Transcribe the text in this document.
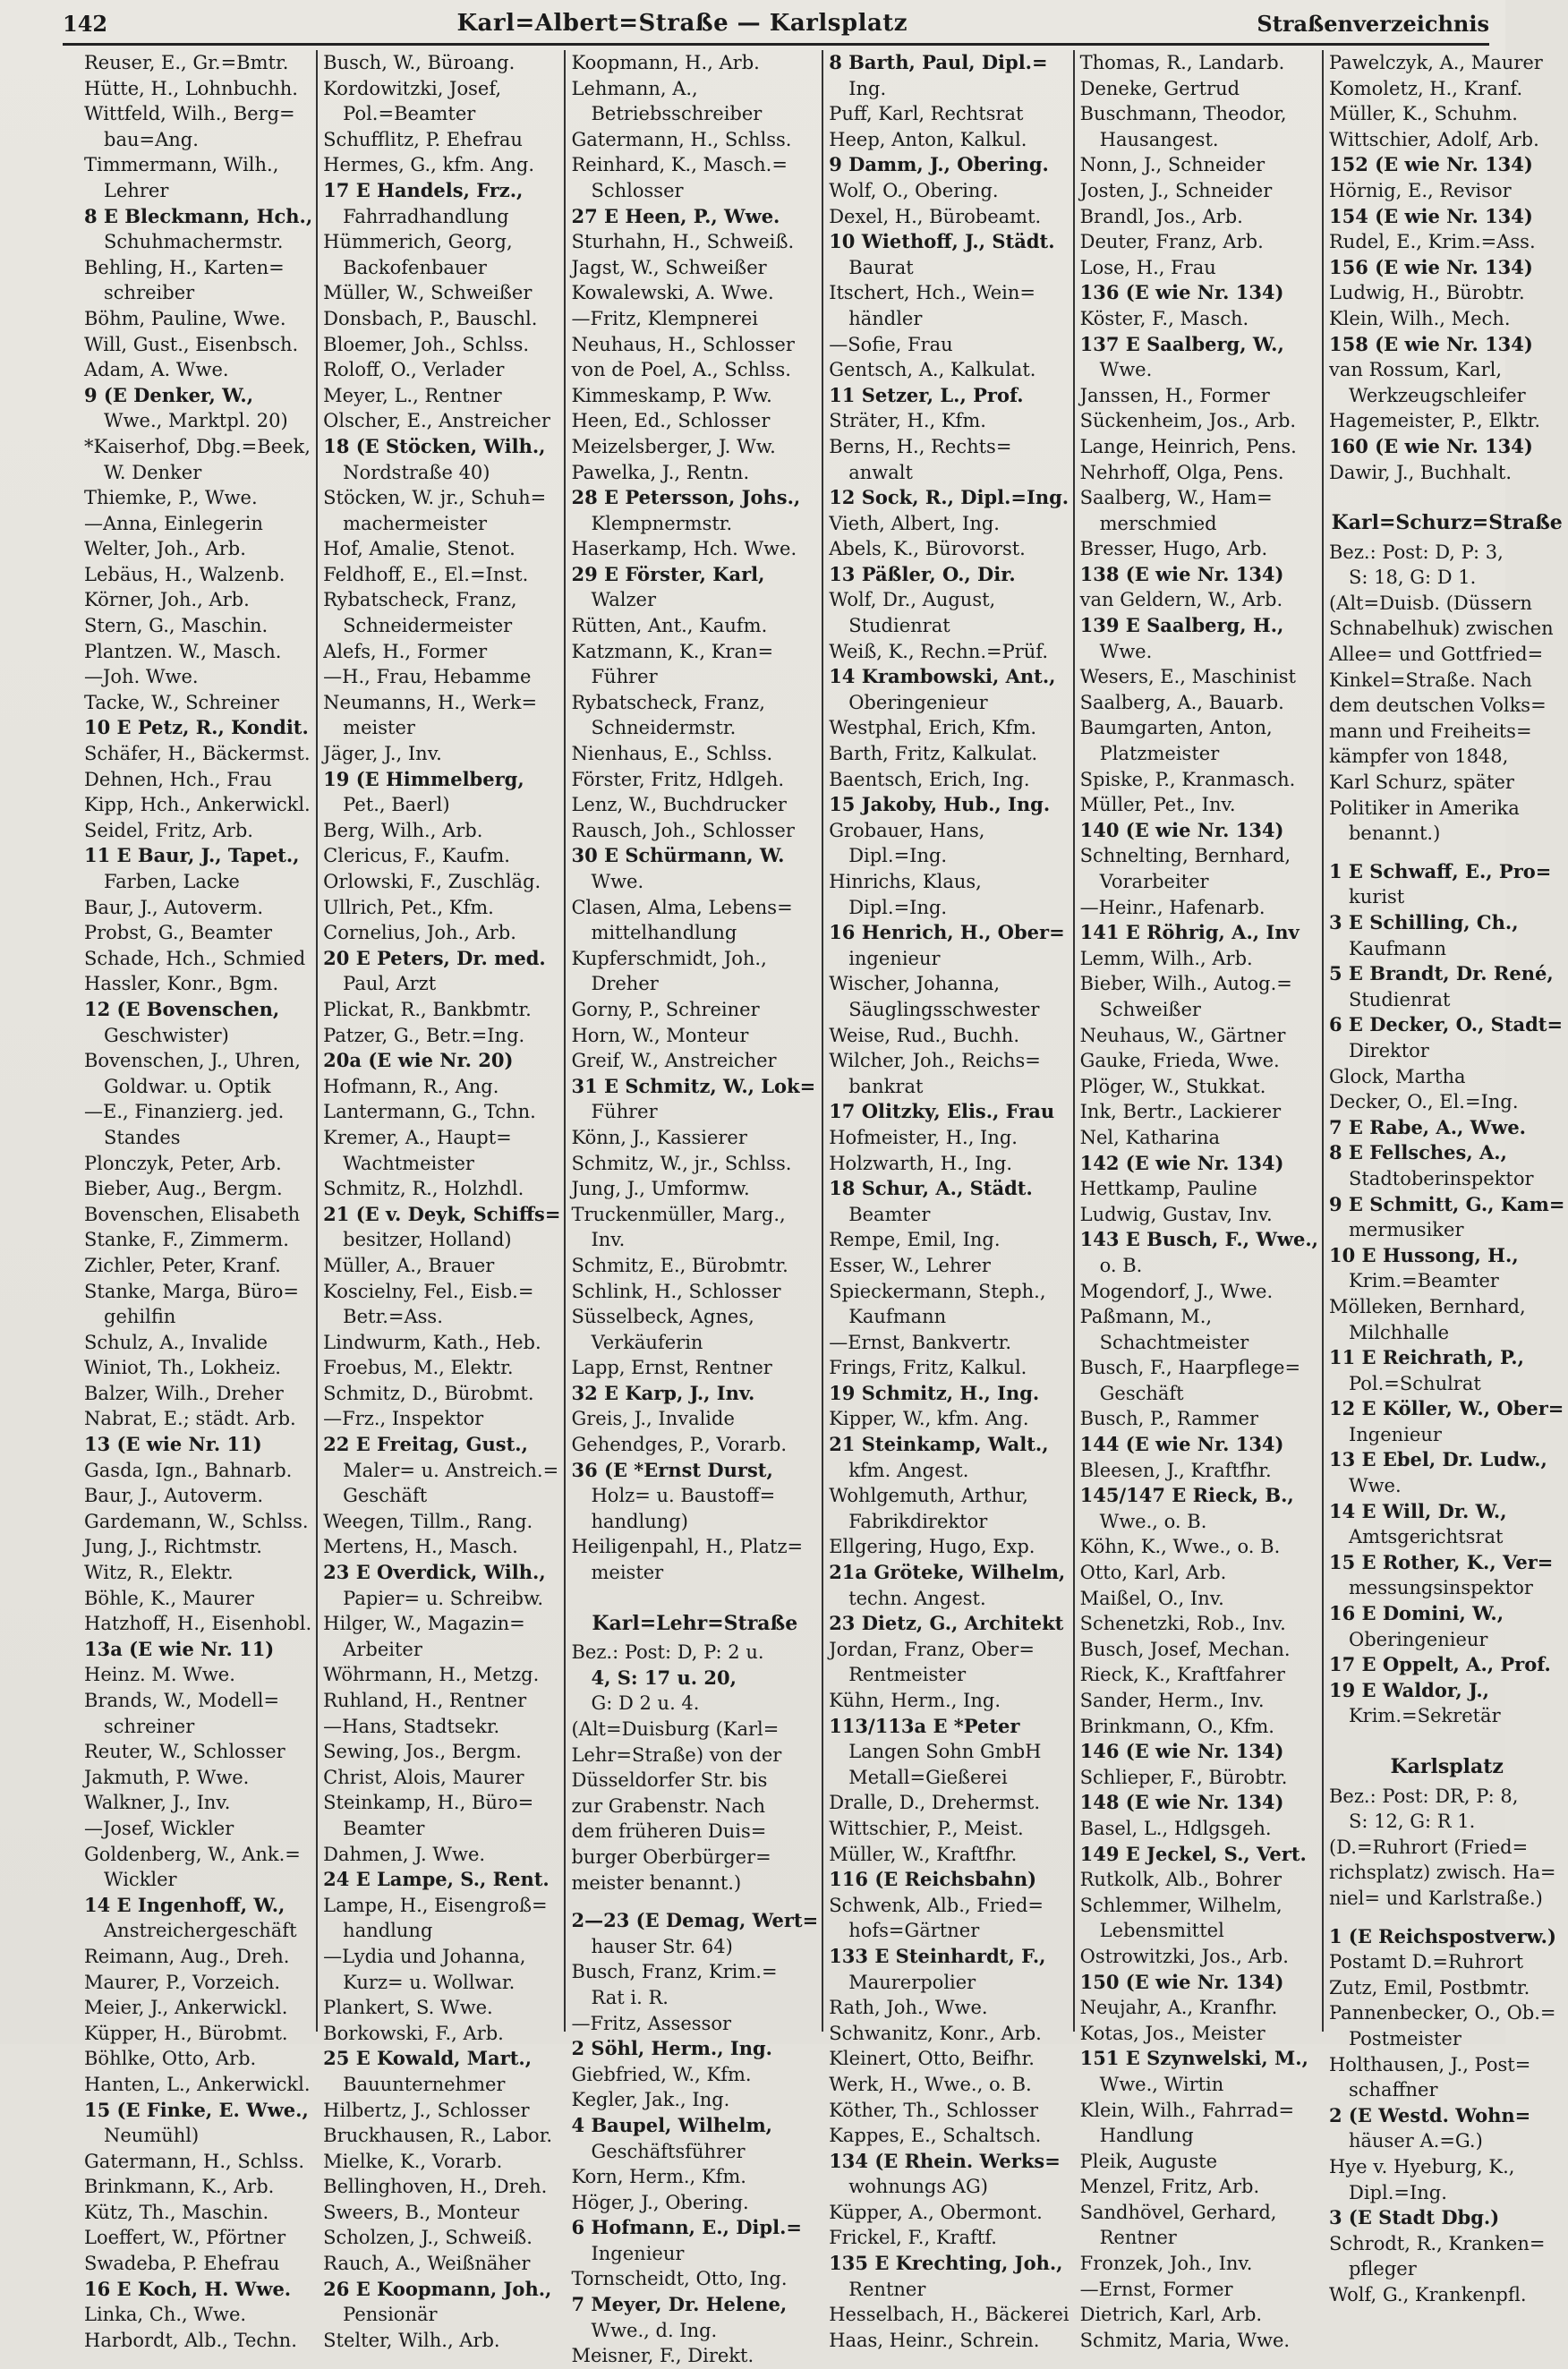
142	Karl=Albert=Straße — Karlsplatz	Straßenverzeichnis
Reuser, E., Gr.=Bmtr.
Hütte, H., Lohnbuchh.
Wittfeld, Wilh., Berg=
bau=Ang.
Timmermann, Wilh.,
Lehrer
8 E Bleckmann, Hch.,
Schuhmachermstr.
Behling, H., Karten=
schreiber
Böhm, Pauline, Wwe.
Will, Gust., Eisenbsch.
Adam, A. Wwe.
9 (E Denker, W.,
Wwe., Marktpl. 20)
*Kaiserhof, Dbg.=Beek,
W. Denker
Thiemke, P., Wwe.
—Anna, Einlegerin
Welter, Joh., Arb.
Lebäus, H., Walzenb.
Körner, Joh., Arb.
Stern, G., Maschin.
Plantzen. W., Masch.
—Joh. Wwe.
Tacke, W., Schreiner
10 E Petz, R., Kondit.
Schäfer, H., Bäckermst.
Dehnen, Hch., Frau
Kipp, Hch., Ankerwickl.
Seidel, Fritz, Arb.
11 E Baur, J., Tapet.,
Farben, Lacke
Baur, J., Autoverm.
Probst, G., Beamter
Schade, Hch., Schmied
Hassler, Konr., Bgm.
12 (E Bovenschen,
Geschwister)
Bovenschen, J., Uhren,
Goldwar. u. Optik
—E., Finanzierg. jed.
Standes
Plonczyk, Peter, Arb.
Bieber, Aug., Bergm.
Bovenschen, Elisabeth
Stanke, F., Zimmerm.
Zichler, Peter, Kranf.
Stanke, Marga, Büro=
gehilfin
Schulz, A., Invalide
Winiot, Th., Lokheiz.
Balzer, Wilh., Dreher
Nabrat, E.; städt. Arb.
13 (E wie Nr. 11)
Gasda, Ign., Bahnarb.
Baur, J., Autoverm.
Gardemann, W., Schlss.
Jung, J., Richtmstr.
Witz, R., Elektr.
Böhle, K., Maurer
Hatzhoff, H., Eisenhobl.
13a (E wie Nr. 11)
Heinz. M. Wwe.
Brands, W., Modell=
schreiner
Reuter, W., Schlosser
Jakmuth, P. Wwe.
Walkner, J., Inv.
—Josef, Wickler
Goldenberg, W., Ank.=
Wickler
14 E Ingenhoff, W.,
Anstreichergeschäft
Reimann, Aug., Dreh.
Maurer, P., Vorzeich.
Meier, J., Ankerwickl.
Küpper, H., Bürobmt.
Böhlke, Otto, Arb.
Hanten, L., Ankerwickl.
15 (E Finke, E. Wwe.,
Neumühl)
Gatermann, H., Schlss.
Brinkmann, K., Arb.
Kütz, Th., Maschin.
Loeffert, W., Pförtner
Swadeba, P. Ehefrau
16 E Koch, H. Wwe.
Linka, Ch., Wwe.
Harbordt, Alb., Techn.
Busch, W., Büroang.
Kordowitzki, Josef,
Pol.=Beamter
Schufflitz, P. Ehefrau
Hermes, G., kfm. Ang.
17 E Handels, Frz.,
Fahrradhandlung
Hümmerich, Georg,
Backofenbauer
Müller, W., Schweißer
Donsbach, P., Bauschl.
Bloemer, Joh., Schlss.
Roloff, O., Verlader
Meyer, L., Rentner
Olscher, E., Anstreicher
18 (E Stöcken, Wilh.,
Nordstraße 40)
Stöcken, W. jr., Schuh=
machermeister
Hof, Amalie, Stenot.
Feldhoff, E., El.=Inst.
Rybatscheck, Franz,
Schneidermeister
Alefs, H., Former
—H., Frau, Hebamme
Neumanns, H., Werk=
meister
Jäger, J., Inv.
19 (E Himmelberg,
Pet., Baerl)
Berg, Wilh., Arb.
Clericus, F., Kaufm.
Orlowski, F., Zuschläg.
Ullrich, Pet., Kfm.
Cornelius, Joh., Arb.
20 E Peters, Dr. med.
Paul, Arzt
Plickat, R., Bankbmtr.
Patzer, G., Betr.=Ing.
20a (E wie Nr. 20)
Hofmann, R., Ang.
Lantermann, G., Tchn.
Kremer, A., Haupt=
Wachtmeister
Schmitz, R., Holzhdl.
21 (E v. Deyk, Schiffs=
besitzer, Holland)
Müller, A., Brauer
Koscielny, Fel., Eisb.=
Betr.=Ass.
Lindwurm, Kath., Heb.
Froebus, M., Elektr.
Schmitz, D., Bürobmt.
—Frz., Inspektor
22 E Freitag, Gust.,
Maler= u. Anstreich.=
Geschäft
Weegen, Tillm., Rang.
Mertens, H., Masch.
23 E Overdick, Wilh.,
Papier= u. Schreibw.
Hilger, W., Magazin=
Arbeiter
Wöhrmann, H., Metzg.
Ruhland, H., Rentner
—Hans, Stadtsekr.
Sewing, Jos., Bergm.
Christ, Alois, Maurer
Steinkamp, H., Büro=
Beamter
Dahmen, J. Wwe.
24 E Lampe, S., Rent.
Lampe, H., Eisengroß=
handlung
—Lydia und Johanna,
Kurz= u. Wollwar.
Plankert, S. Wwe.
Borkowski, F., Arb.
25 E Kowald, Mart.,
Bauunternehmer
Hilbertz, J., Schlosser
Bruckhausen, R., Labor.
Mielke, K., Vorarb.
Bellinghoven, H., Dreh.
Sweers, B., Monteur
Scholzen, J., Schweiß.
Rauch, A., Weißnäher
26 E Koopmann, Joh.,
Pensionär
Stelter, Wilh., Arb.
Koopmann, H., Arb.
Lehmann, A.,
Betriebsschreiber
Gatermann, H., Schlss.
Reinhard, K., Masch.=
Schlosser
27 E Heen, P., Wwe.
Sturhahn, H., Schweiß.
Jagst, W., Schweißer
Kowalewski, A. Wwe.
—Fritz, Klempnerei
Neuhaus, H., Schlosser
von de Poel, A., Schlss.
Kimmeskamp, P. Ww.
Heen, Ed., Schlosser
Meizelsberger, J. Ww.
Pawelka, J., Rentn.
28 E Petersson, Johs.,
Klempnermstr.
Haserkamp, Hch. Wwe.
29 E Förster, Karl,
Walzer
Rütten, Ant., Kaufm.
Katzmann, K., Kran=
Führer
Rybatscheck, Franz,
Schneidermstr.
Nienhaus, E., Schlss.
Förster, Fritz, Hdlgeh.
Lenz, W., Buchdrucker
Rausch, Joh., Schlosser
30 E Schürmann, W.
Wwe.
Clasen, Alma, Lebens=
mittelhandlung
Kupferschmidt, Joh.,
Dreher
Gorny, P., Schreiner
Horn, W., Monteur
Greif, W., Anstreicher
31 E Schmitz, W., Lok=
Führer
Könn, J., Kassierer
Schmitz, W., jr., Schlss.
Jung, J., Umformw.
Truckenmüller, Marg.,
Inv.
Schmitz, E., Bürobmtr.
Schlink, H., Schlosser
Süsselbeck, Agnes,
Verkäuferin
Lapp, Ernst, Rentner
32 E Karp, J., Inv.
Greis, J., Invalide
Gehendges, P., Vorarb.
36 (E *Ernst Durst,
Holz= u. Baustoff=
handlung)
Heiligenpahl, H., Platz=
meister
Karl=Lehr=Straße
Bez.: Post: D, P: 2 u.
4, S: 17 u. 20,
G: D 2 u. 4.
(Alt=Duisburg (Karl=
Lehr=Straße) von der
Düsseldorfer Str. bis
zur Grabenstr. Nach
dem früheren Duis=
burger Oberbürger=
meister benannt.)
2—23 (E Demag, Wert=
hauser Str. 64)
Busch, Franz, Krim.=
Rat i. R.
—Fritz, Assessor
2 Söhl, Herm., Ing.
Giebfried, W., Kfm.
Kegler, Jak., Ing.
4 Baupel, Wilhelm,
Geschäftsführer
Korn, Herm., Kfm.
Höger, J., Obering.
6 Hofmann, E., Dipl.=
Ingenieur
Tornscheidt, Otto, Ing.
7 Meyer, Dr. Helene,
Wwe., d. Ing.
Meisner, F., Direkt.
8 Barth, Paul, Dipl.=
Ing.
Puff, Karl, Rechtsrat
Heep, Anton, Kalkul.
9 Damm, J., Obering.
Wolf, O., Obering.
Dexel, H., Bürobeamt.
10 Wiethoff, J., Städt.
Baurat
Itschert, Hch., Wein=
händler
—Sofie, Frau
Gentsch, A., Kalkulat.
11 Setzer, L., Prof.
Sträter, H., Kfm.
Berns, H., Rechts=
anwalt
12 Sock, R., Dipl.=Ing.
Vieth, Albert, Ing.
Abels, K., Bürovorst.
13 Päßler, O., Dir.
Wolf, Dr., August,
Studienrat
Weiß, K., Rechn.=Prüf.
14 Krambowski, Ant.,
Oberingenieur
Westphal, Erich, Kfm.
Barth, Fritz, Kalkulat.
Baentsch, Erich, Ing.
15 Jakoby, Hub., Ing.
Grobauer, Hans,
Dipl.=Ing.
Hinrichs, Klaus,
Dipl.=Ing.
16 Henrich, H., Ober=
ingenieur
Wischer, Johanna,
Säuglingsschwester
Weise, Rud., Buchh.
Wilcher, Joh., Reichs=
bankrat
17 Olitzky, Elis., Frau
Hofmeister, H., Ing.
Holzwarth, H., Ing.
18 Schur, A., Städt.
Beamter
Rempe, Emil, Ing.
Esser, W., Lehrer
Spieckermann, Steph.,
Kaufmann
—Ernst, Bankvertr.
Frings, Fritz, Kalkul.
19 Schmitz, H., Ing.
Kipper, W., kfm. Ang.
21 Steinkamp, Walt.,
kfm. Angest.
Wohlgemuth, Arthur,
Fabrikdirektor
Ellgering, Hugo, Exp.
21a Gröteke, Wilhelm,
techn. Angest.
23 Dietz, G., Architekt
Jordan, Franz, Ober=
Rentmeister
Kühn, Herm., Ing.
113/113a E *Peter
Langen Sohn GmbH
Metall=Gießerei
Dralle, D., Drehermst.
Wittschier, P., Meist.
Müller, W., Kraftfhr.
116 (E Reichsbahn)
Schwenk, Alb., Fried=
hofs=Gärtner
133 E Steinhardt, F.,
Maurerpolier
Rath, Joh., Wwe.
Schwanitz, Konr., Arb.
Kleinert, Otto, Beifhr.
Werk, H., Wwe., o. B.
Köther, Th., Schlosser
Kappes, E., Schaltsch.
134 (E Rhein. Werks=
wohnungs AG)
Küpper, A., Obermont.
Frickel, F., Kraftf.
135 E Krechting, Joh.,
Rentner
Hesselbach, H., Bäckerei
Haas, Heinr., Schrein.
Thomas, R., Landarb.
Deneke, Gertrud
Buschmann, Theodor,
Hausangest.
Nonn, J., Schneider
Josten, J., Schneider
Brandl, Jos., Arb.
Deuter, Franz, Arb.
Lose, H., Frau
136 (E wie Nr. 134)
Köster, F., Masch.
137 E Saalberg, W.,
Wwe.
Janssen, H., Former
Sückenheim, Jos., Arb.
Lange, Heinrich, Pens.
Nehrhoff, Olga, Pens.
Saalberg, W., Ham=
merschmied
Bresser, Hugo, Arb.
138 (E wie Nr. 134)
van Geldern, W., Arb.
139 E Saalberg, H.,
Wwe.
Wesers, E., Maschinist
Saalberg, A., Bauarb.
Baumgarten, Anton,
Platzmeister
Spiske, P., Kranmasch.
Müller, Pet., Inv.
140 (E wie Nr. 134)
Schnelting, Bernhard,
Vorarbeiter
—Heinr., Hafenarb.
141 E Röhrig, A., Inv
Lemm, Wilh., Arb.
Bieber, Wilh., Autog.=
Schweißer
Neuhaus, W., Gärtner
Gauke, Frieda, Wwe.
Plöger, W., Stukkat.
Ink, Bertr., Lackierer
Nel, Katharina
142 (E wie Nr. 134)
Hettkamp, Pauline
Ludwig, Gustav, Inv.
143 E Busch, F., Wwe.,
o. B.
Mogendorf, J., Wwe.
Paßmann, M.,
Schachtmeister
Busch, F., Haarpflege=
Geschäft
Busch, P., Rammer
144 (E wie Nr. 134)
Bleesen, J., Kraftfhr.
145/147 E Rieck, B.,
Wwe., o. B.
Köhn, K., Wwe., o. B.
Otto, Karl, Arb.
Maißel, O., Inv.
Schenetzki, Rob., Inv.
Busch, Josef, Mechan.
Rieck, K., Kraftfahrer
Sander, Herm., Inv.
Brinkmann, O., Kfm.
146 (E wie Nr. 134)
Schlieper, F., Bürobtr.
148 (E wie Nr. 134)
Basel, L., Hdlgsgeh.
149 E Jeckel, S., Vert.
Rutkolk, Alb., Bohrer
Schlemmer, Wilhelm,
Lebensmittel
Ostrowitzki, Jos., Arb.
150 (E wie Nr. 134)
Neujahr, A., Kranfhr.
Kotas, Jos., Meister
151 E Szynwelski, M.,
Wwe., Wirtin
Klein, Wilh., Fahrrad=
Handlung
Pleik, Auguste
Menzel, Fritz, Arb.
Sandhövel, Gerhard,
Rentner
Fronzek, Joh., Inv.
—Ernst, Former
Dietrich, Karl, Arb.
Schmitz, Maria, Wwe.
Pawelczyk, A., Maurer
Komoletz, H., Kranf.
Müller, K., Schuhm.
Wittschier, Adolf, Arb.
152 (E wie Nr. 134)
Hörnig, E., Revisor
154 (E wie Nr. 134)
Rudel, E., Krim.=Ass.
156 (E wie Nr. 134)
Ludwig, H., Bürobtr.
Klein, Wilh., Mech.
158 (E wie Nr. 134)
van Rossum, Karl,
Werkzeugschleifer
Hagemeister, P., Elktr.
160 (E wie Nr. 134)
Dawir, J., Buchhalt.
Karl=Schurz=Straße
Bez.: Post: D, P: 3,
S: 18, G: D 1.
(Alt=Duisb. (Düssern
Schnabelhuk) zwischen
Allee= und Gottfried=
Kinkel=Straße. Nach
dem deutschen Volks=
mann und Freiheits=
kämpfer von 1848,
Karl Schurz, später
Politiker in Amerika
benannt.)
1 E Schwaff, E., Pro=
kurist
3 E Schilling, Ch.,
Kaufmann
5 E Brandt, Dr. René,
Studienrat
6 E Decker, O., Stadt=
Direktor
Glock, Martha
Decker, O., El.=Ing.
7 E Rabe, A., Wwe.
8 E Fellsches, A.,
Stadtoberinspektor
9 E Schmitt, G., Kam=
mermusiker
10 E Hussong, H.,
Krim.=Beamter
Mölleken, Bernhard,
Milchhalle
11 E Reichrath, P.,
Pol.=Schulrat
12 E Köller, W., Ober=
Ingenieur
13 E Ebel, Dr. Ludw.,
Wwe.
14 E Will, Dr. W.,
Amtsgerichtsrat
15 E Rother, K., Ver=
messungsinspektor
16 E Domini, W.,
Oberingenieur
17 E Oppelt, A., Prof.
19 E Waldor, J.,
Krim.=Sekretär
Karlsplatz
Bez.: Post: DR, P: 8,
S: 12, G: R 1.
(D.=Ruhrort (Fried=
richsplatz) zwisch. Ha=
niel= und Karlstraße.)
1 (E Reichspostverw.)
Postamt D.=Ruhrort
Zutz, Emil, Postbmtr.
Pannenbecker, O., Ob.=
Postmeister
Holthausen, J., Post=
schaffner
2 (E Westd. Wohn=
häuser A.=G.)
Hye v. Hyeburg, K.,
Dipl.=Ing.
3 (E Stadt Dbg.)
Schrodt, R., Kranken=
pfleger
Wolf, G., Krankenpfl.
